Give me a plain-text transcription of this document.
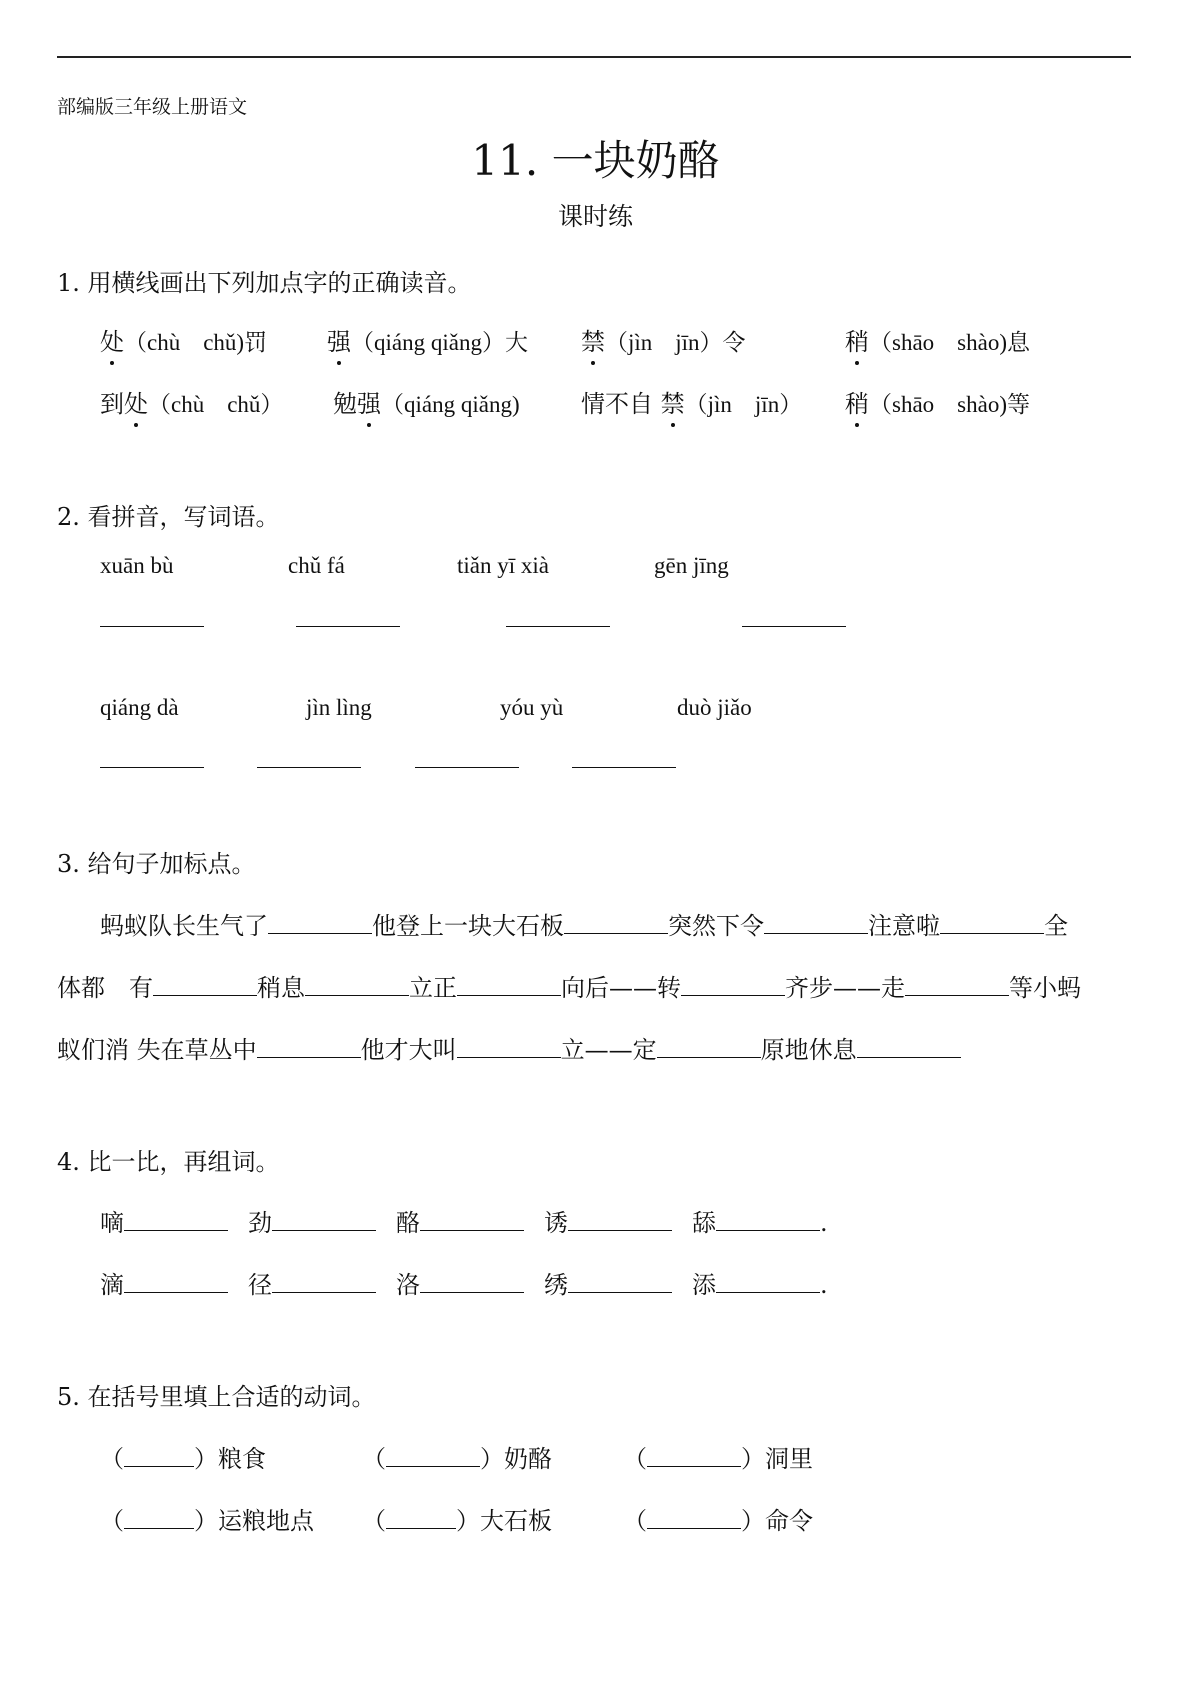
部编版三年级上册语文
11. 一块奶酪
课时练
1. 用横线画出下列加点字的正确读音。
处（chù　chǔ)罚 强（qiáng qiǎng）大 禁（jìn　jīn）令	稍（shāo　shào)息
到处（chù　chǔ） 勉强（qiáng qiǎng)	情不自 禁（jìn　jīn） 稍（shāo　shào)等
2. 看拼音，写词语。
xuān bù	chǔ fá	tiǎn yī xià	gēn jīng
qiáng dà	jìn lìng	yóu yù	duò jiǎo
3. 给句子加标点。
蚂蚁队长生气了	他登上一块大石板	突然下令	注意啦	全
体都　有	稍息	立正	向后——转	齐步——走	等小蚂
蚁们消 失在草丛中	他才大叫	立——定	原地休息
4. 比一比，再组词。
嘀	劲	酪	诱	舔	.
滴	径	洛	绣	添	.
5. 在括号里填上合适的动词。
（	）粮食	（	）奶酪	（	）洞里
（	）运粮地点 （	）大石板	（	）命令
